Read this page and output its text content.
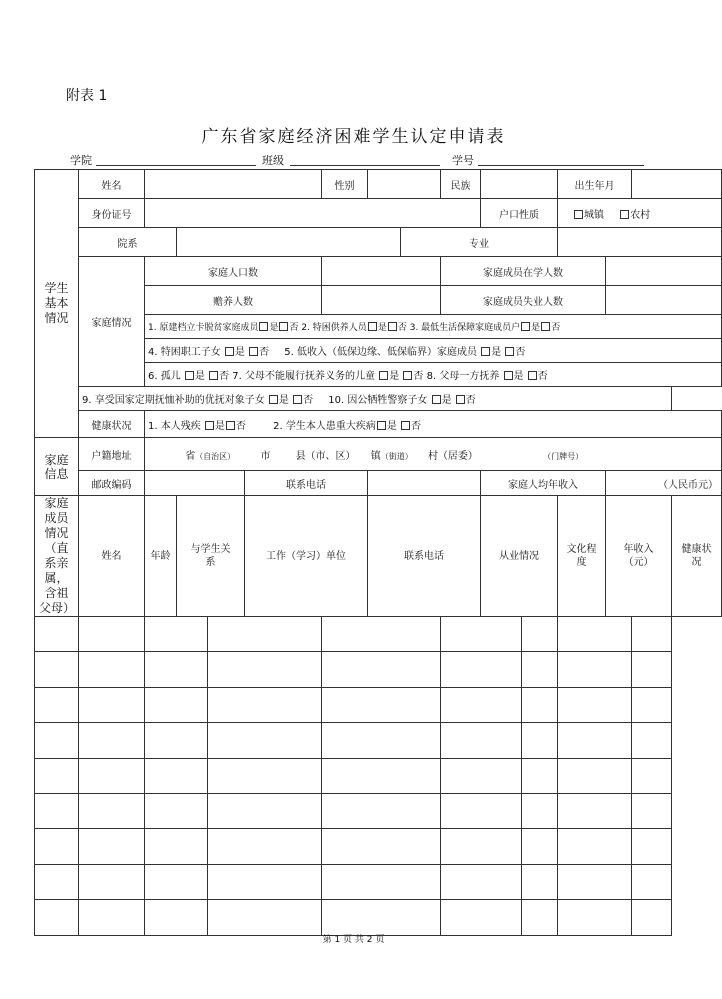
附表 1
广东省家庭经济困难学生认定申请表
学院	班级	学号
学生基本情况	姓名					性别			民族			出生年月			
	身份证号									户口性质		城镇 农村			
	院系							专业							
	家庭情况	家庭人口数							家庭成员在学人数						
		赡养人数							家庭成员失业人数						
		1. 原建档立卡脱贫家庭成员 是 否 2. 特困供养人员 是 否 3. 最低生活保障家庭成员户 是 否													
		4. 特困职工子女 是 否 5. 低收入（低保边缘、低保临界）家庭成员 是 否													
		6. 孤儿 是 否 7. 父母不能履行抚养义务的儿童 是 否 8. 父母一方抚养 是 否													
	9. 享受国家定期抚恤补助的优抚对象子女 是 否 10. 因公牺牲警察子女 是 否														
	健康状况	1. 本人残疾 是 否 2. 学生本人患重大疾病 是 否													
家庭信息	户籍地址	省（自治区） 市 县（市、区） 镇（街道） 村（居委） （门牌号）													
	邮政编码				联系电话					家庭人均年收入			（人民币元）		
家庭成员情况（直系亲属，含祖父母）	姓名	年龄	与学生关系		工作（学习）单位		联系电话			从业情况		文化程度	年收入（元）		健康状况

第 1 页 共 2 页
